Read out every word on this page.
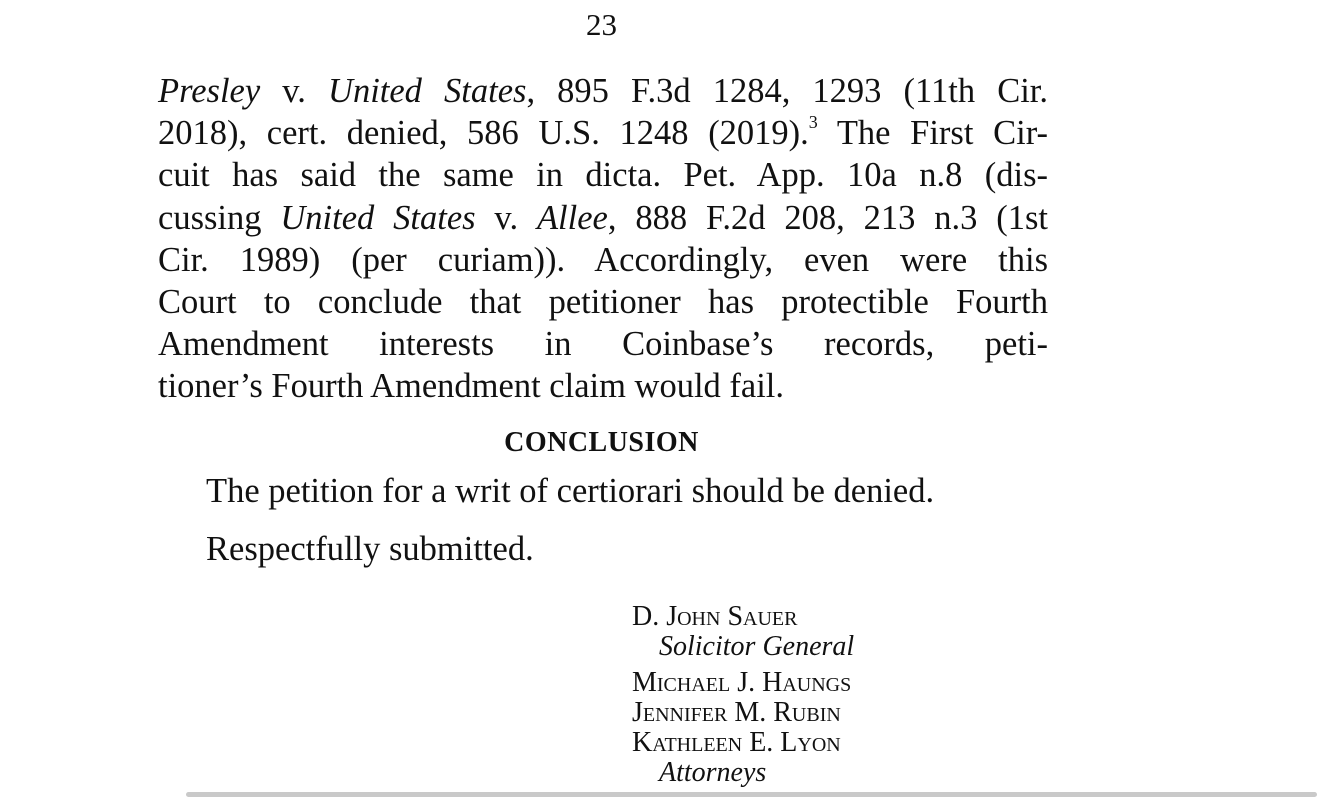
23

Presley v. United States, 895 F.3d 1284, 1293 (11th Cir.
2018), cert. denied, 586 U.S. 1248 (2019).$^3$ The First Cir-
cuit has said the same in dicta. Pet. App. 10a n.8 (dis-
cussing United States v. Allee, 888 F.2d 208, 213 n.3 (1st
Cir. 1989) (per curiam)). Accordingly, even were this
Court to conclude that petitioner has protectible Fourth
Amendment interests in Coinbase’s records, peti-
tioner’s Fourth Amendment claim would fail.

CONCLUSION

The petition for a writ of certiorari should be denied.

Respectfully submitted.

D. John Sauer
Solicitor General
Michael J. Haungs
Jennifer M. Rubin
Kathleen E. Lyon
Attorneys
